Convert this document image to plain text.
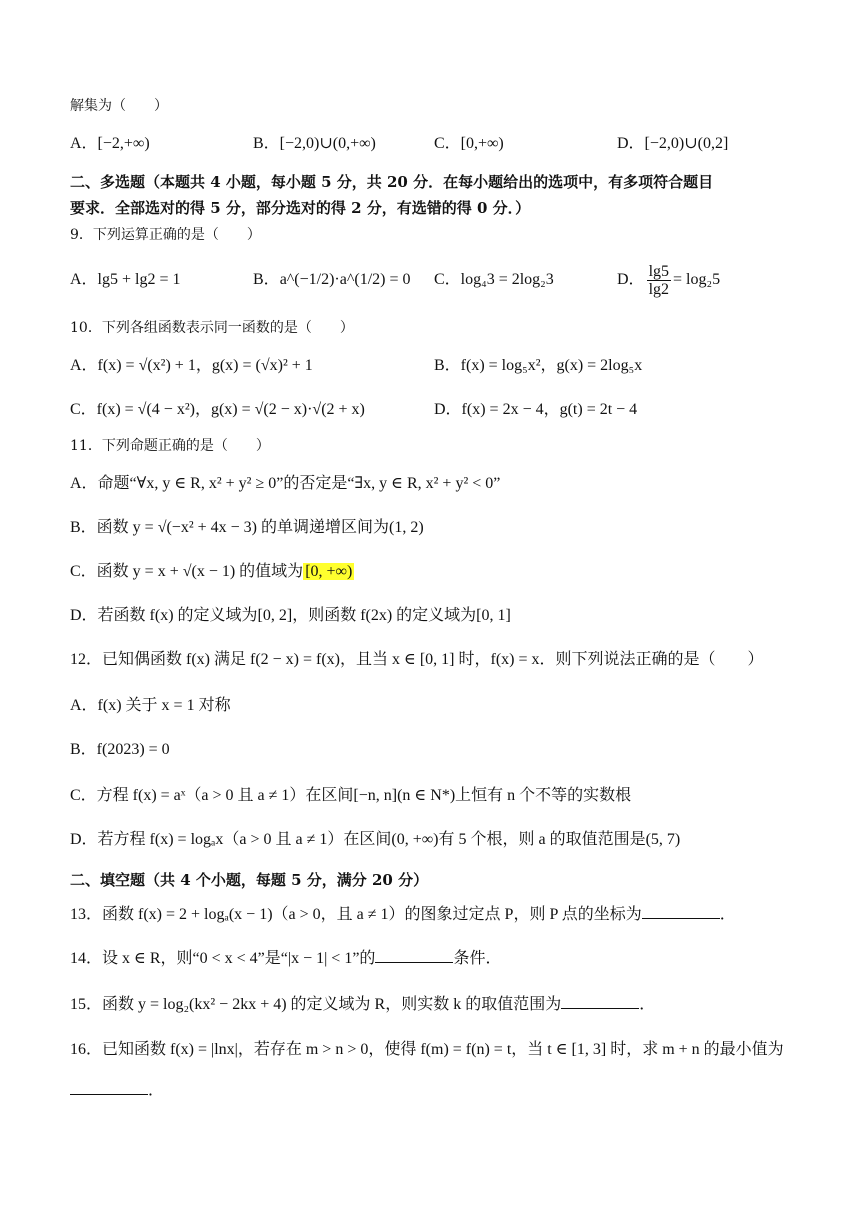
解集为（　　）
A．[−2,+∞)	B．[−2,0)∪(0,+∞)	C．[0,+∞)	D．[−2,0)∪(0,2]
二、多选题（本题共 4 小题，每小题 5 分，共 20 分．在每小题给出的选项中，有多项符合题目
要求．全部选对的得 5 分，部分选对的得 2 分，有选错的得 0 分．）
9．下列运算正确的是（　　）
A．lg5 + lg2 = 1	B．a^(−1/2)·a^(1/2) = 0 C．log₄3 = 2log₂3	D． $\frac{\lg 5}{\lg 2} = \log_25$
10．下列各组函数表示同一函数的是（　　）
A．f(x) = √(x²) + 1，g(x) = (√x)² + 1	B．f(x) = log₅x²，g(x) = 2log₅x
C．f(x) = √(4 − x²)，g(x) = √(2 − x)·√(2 + x)	D．f(x) = 2x − 4，g(t) = 2t − 4
11．下列命题正确的是（　　）
A．命题“∀x, y ∈ R, x² + y² ≥ 0”的否定是“∃x, y ∈ R, x² + y² < 0”
B．函数 y = √(−x² + 4x − 3) 的单调递增区间为(1, 2)
C．函数 y = x + √(x − 1) 的值域为 [0, +∞)
D．若函数 f(x) 的定义域为[0, 2]，则函数 f(2x) 的定义域为[0, 1]
12．已知偶函数 f(x) 满足 f(2 − x) = f(x)，且当 x ∈ [0, 1] 时，f(x) = x．则下列说法正确的是（　　）
A．f(x) 关于 x = 1 对称
B．f(2023) = 0
C．方程 f(x) = aˣ（a > 0 且 a ≠ 1）在区间[−n, n](n ∈ N*)上恒有 n 个不等的实数根
D．若方程 f(x) = logₐx（a > 0 且 a ≠ 1）在区间(0, +∞)有 5 个根，则 a 的取值范围是(5, 7)
二、填空题（共 4 个小题，每题 5 分，满分 20 分）
13．函数 f(x) = 2 + logₐ(x − 1)（a > 0，且 a ≠ 1）的图象过定点 P，则 P 点的坐标为	．
14．设 x ∈ R，则“0 < x < 4”是“|x − 1| < 1”的	条件．
15．函数 y = log₂(kx² − 2kx + 4) 的定义域为 R，则实数 k 的取值范围为	．
16．已知函数 f(x) = |lnx|，若存在 m > n > 0，使得 f(m) = f(n) = t，当 t ∈ [1, 3] 时，求 m + n 的最小值为
．
